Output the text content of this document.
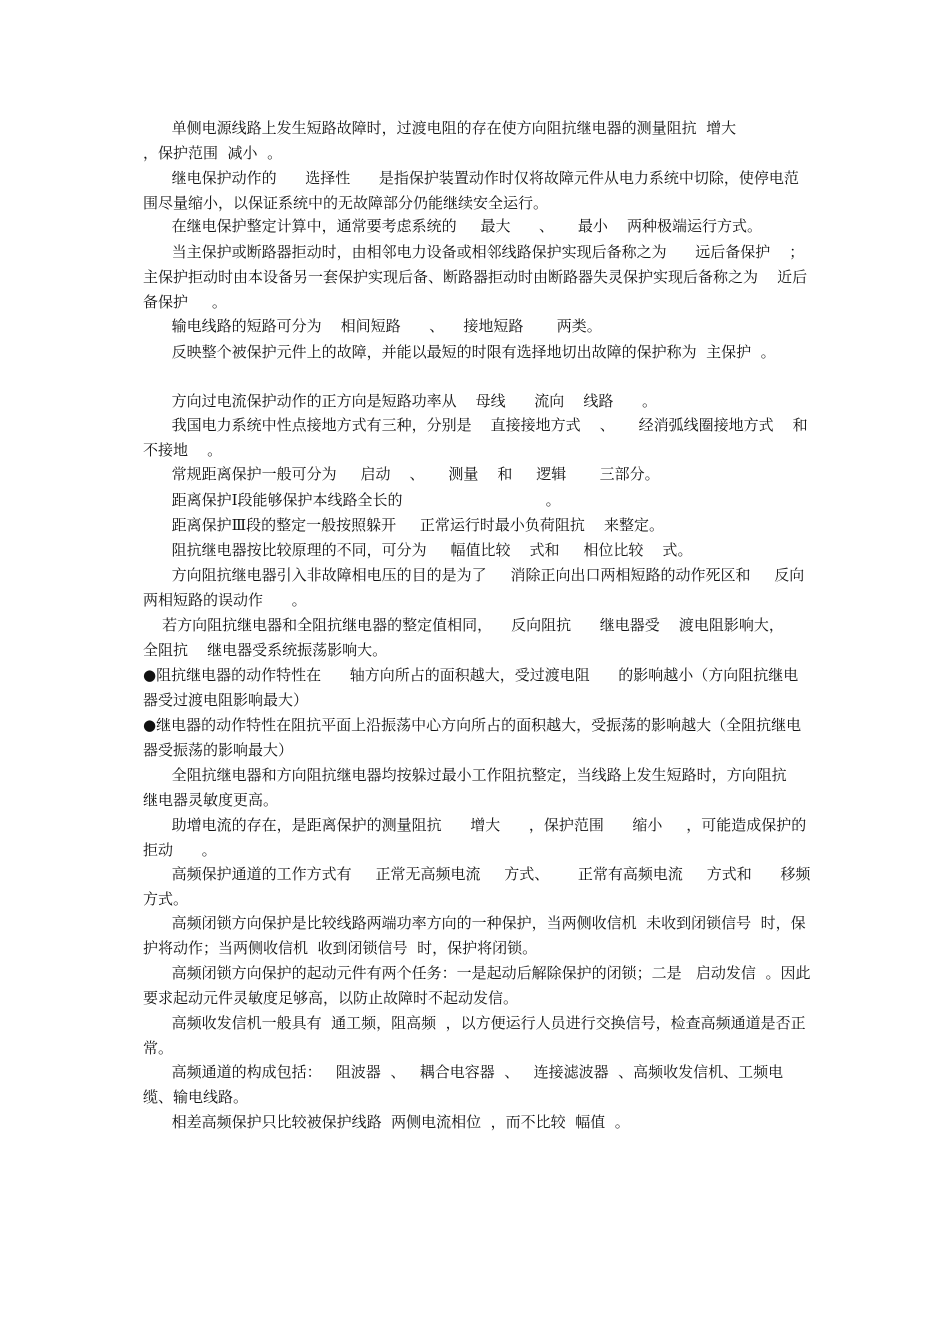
单侧电源线路上发生短路故障时，过渡电阻的存在使方向阻抗继电器的测量阻抗  增大
，保护范围  减小  。

继电保护动作的      选择性      是指保护装置动作时仅将故障元件从电力系统中切除，使停电范围尽量缩小，以保证系统中的无故障部分仍能继续安全运行。

在继电保护整定计算中，通常要考虑系统的     最大      、     最小    两种极端运行方式。

当主保护或断路器拒动时，由相邻电力设备或相邻线路保护实现后备称之为      远后备保护    ；主保护拒动时由本设备另一套保护实现后备、断路器拒动时由断路器失灵保护实现后备称之为    近后备保护     。

输电线路的短路可分为    相间短路      、    接地短路       两类。

反映整个被保护元件上的故障，并能以最短的时限有选择地切出故障的保护称为  主保护  。

方向过电流保护动作的正方向是短路功率从    母线      流向    线路      。

我国电力系统中性点接地方式有三种，分别是    直接接地方式    、     经消弧线圈接地方式    和     不接地    。

常规距离保护一般可分为     启动    、     测量    和     逻辑       三部分。

距离保护Ⅰ段能够保护本线路全长的                              。

距离保护Ⅲ段的整定一般按照躲开     正常运行时最小负荷阻抗    来整定。

阻抗继电器按比较原理的不同，可分为     幅值比较    式和     相位比较    式。

方向阻抗继电器引入非故障相电压的目的是为了     消除正向出口两相短路的动作死区和     反向两相短路的误动作      。

若方向阻抗继电器和全阻抗继电器的整定值相同，    反向阻抗      继电器受    渡电阻影响大，      全阻抗    继电器受系统振荡影响大。

●阻抗继电器的动作特性在      轴方向所占的面积越大，受过渡电阻      的影响越小（方向阻抗继电器受过渡电阻影响最大）

●继电器的动作特性在阻抗平面上沿振荡中心方向所占的面积越大，受振荡的影响越大（全阻抗继电器受振荡的影响最大）

全阻抗继电器和方向阻抗继电器均按躲过最小工作阻抗整定，当线路上发生短路时，方向阻抗    继电器灵敏度更高。

助增电流的存在，是距离保护的测量阻抗      增大      ，保护范围      缩小     ，可能造成保护的      拒动      。

高频保护通道的工作方式有     正常无高频电流     方式、      正常有高频电流     方式和      移频    方式。

高频闭锁方向保护是比较线路两端功率方向的一种保护，当两侧收信机  未收到闭锁信号  时，保护将动作；当两侧收信机  收到闭锁信号  时，保护将闭锁。

高频闭锁方向保护的起动元件有两个任务：一是起动后解除保护的闭锁；二是   启动发信  。因此要求起动元件灵敏度足够高，以防止故障时不起动发信。

高频收发信机一般具有  通工频，阻高频  ，以方便运行人员进行交换信号，检查高频通道是否正常。

高频通道的构成包括：   阻波器  、   耦合电容器  、   连接滤波器  、高频收发信机、工频电缆、输电线路。

相差高频保护只比较被保护线路  两侧电流相位  ，而不比较  幅值  。
